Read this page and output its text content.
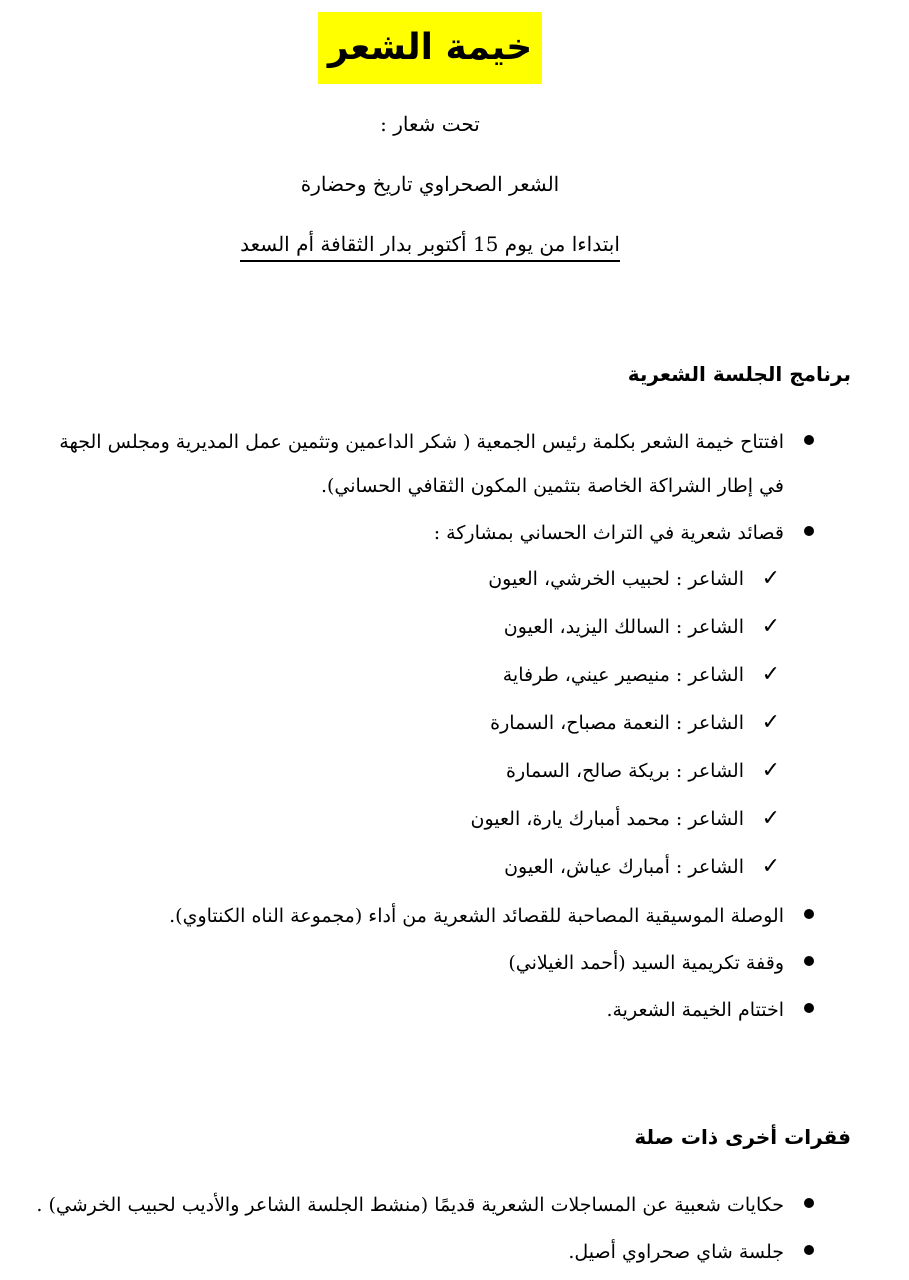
خيمة الشعر
تحت شعار :
الشعر الصحراوي تاريخ وحضارة
ابتداءا من يوم 15 أكتوبر بدار الثقافة أم السعد
برنامج الجلسة الشعرية
افتتاح خيمة الشعر بكلمة رئيس الجمعية ( شكر الداعمين وتثمين عمل المديرية ومجلس الجهة في إطار الشراكة الخاصة بتثمين المكون الثقافي الحساني).
قصائد شعرية في التراث الحساني بمشاركة :
✓
الشاعر : لحبيب الخرشي، العيون
✓
الشاعر : السالك اليزيد، العيون
✓
الشاعر : منيصير عيني، طرفاية
✓
الشاعر : النعمة مصباح، السمارة
✓
الشاعر : بريكة صالح، السمارة
✓
الشاعر : محمد أمبارك يارة، العيون
✓
الشاعر : أمبارك عياش، العيون
الوصلة الموسيقية المصاحبة للقصائد الشعرية من أداء (مجموعة الناه الكنتاوي).
وقفة تكريمية السيد (أحمد الغيلاني)
اختتام الخيمة الشعرية.
فقرات أخرى ذات صلة
حكايات شعبية عن المساجلات الشعرية قديمًا (منشط الجلسة الشاعر والأديب لحبيب الخرشي) .
جلسة شاي صحراوي أصيل.
